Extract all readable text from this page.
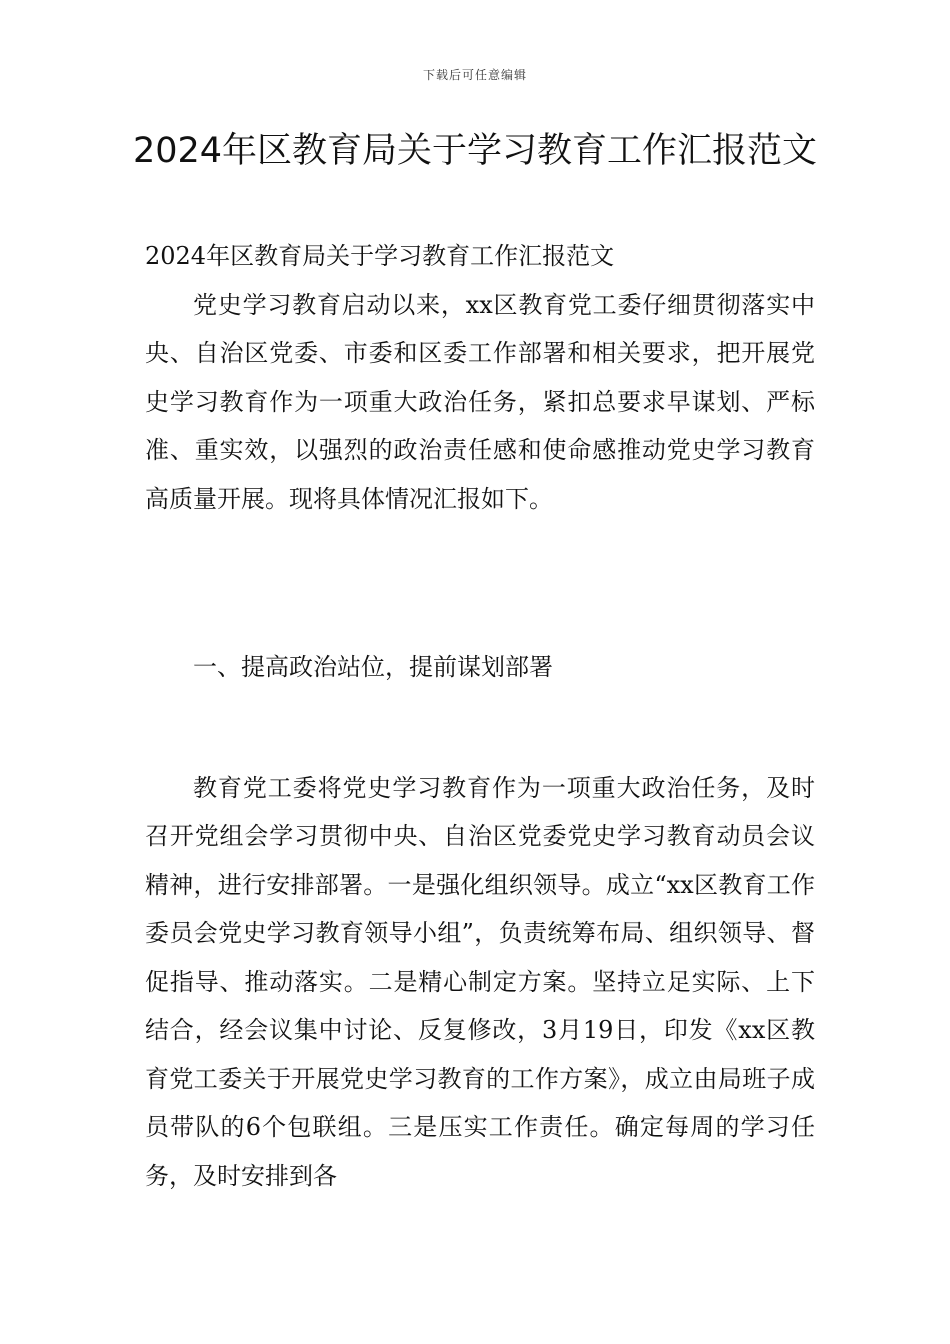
下载后可任意编辑
2024年区教育局关于学习教育工作汇报范文

2024年区教育局关于学习教育工作汇报范文

党史学习教育启动以来，xx区教育党工委仔细贯彻落实中央、自治区党委、市委和区委工作部署和相关要求，把开展党史学习教育作为一项重大政治任务，紧扣总要求早谋划、严标准、重实效，以强烈的政治责任感和使命感推动党史学习教育高质量开展。现将具体情况汇报如下。

一、提高政治站位，提前谋划部署

教育党工委将党史学习教育作为一项重大政治任务，及时召开党组会学习贯彻中央、自治区党委党史学习教育动员会议精神，进行安排部署。一是强化组织领导。成立“xx区教育工作委员会党史学习教育领导小组”，负责统筹布局、组织领导、督促指导、推动落实。二是精心制定方案。坚持立足实际、上下结合，经会议集中讨论、反复修改，3月19日，印发《xx区教育党工委关于开展党史学习教育的工作方案》，成立由局班子成员带队的6个包联组。三是压实工作责任。确定每周的学习任务，及时安排到各
